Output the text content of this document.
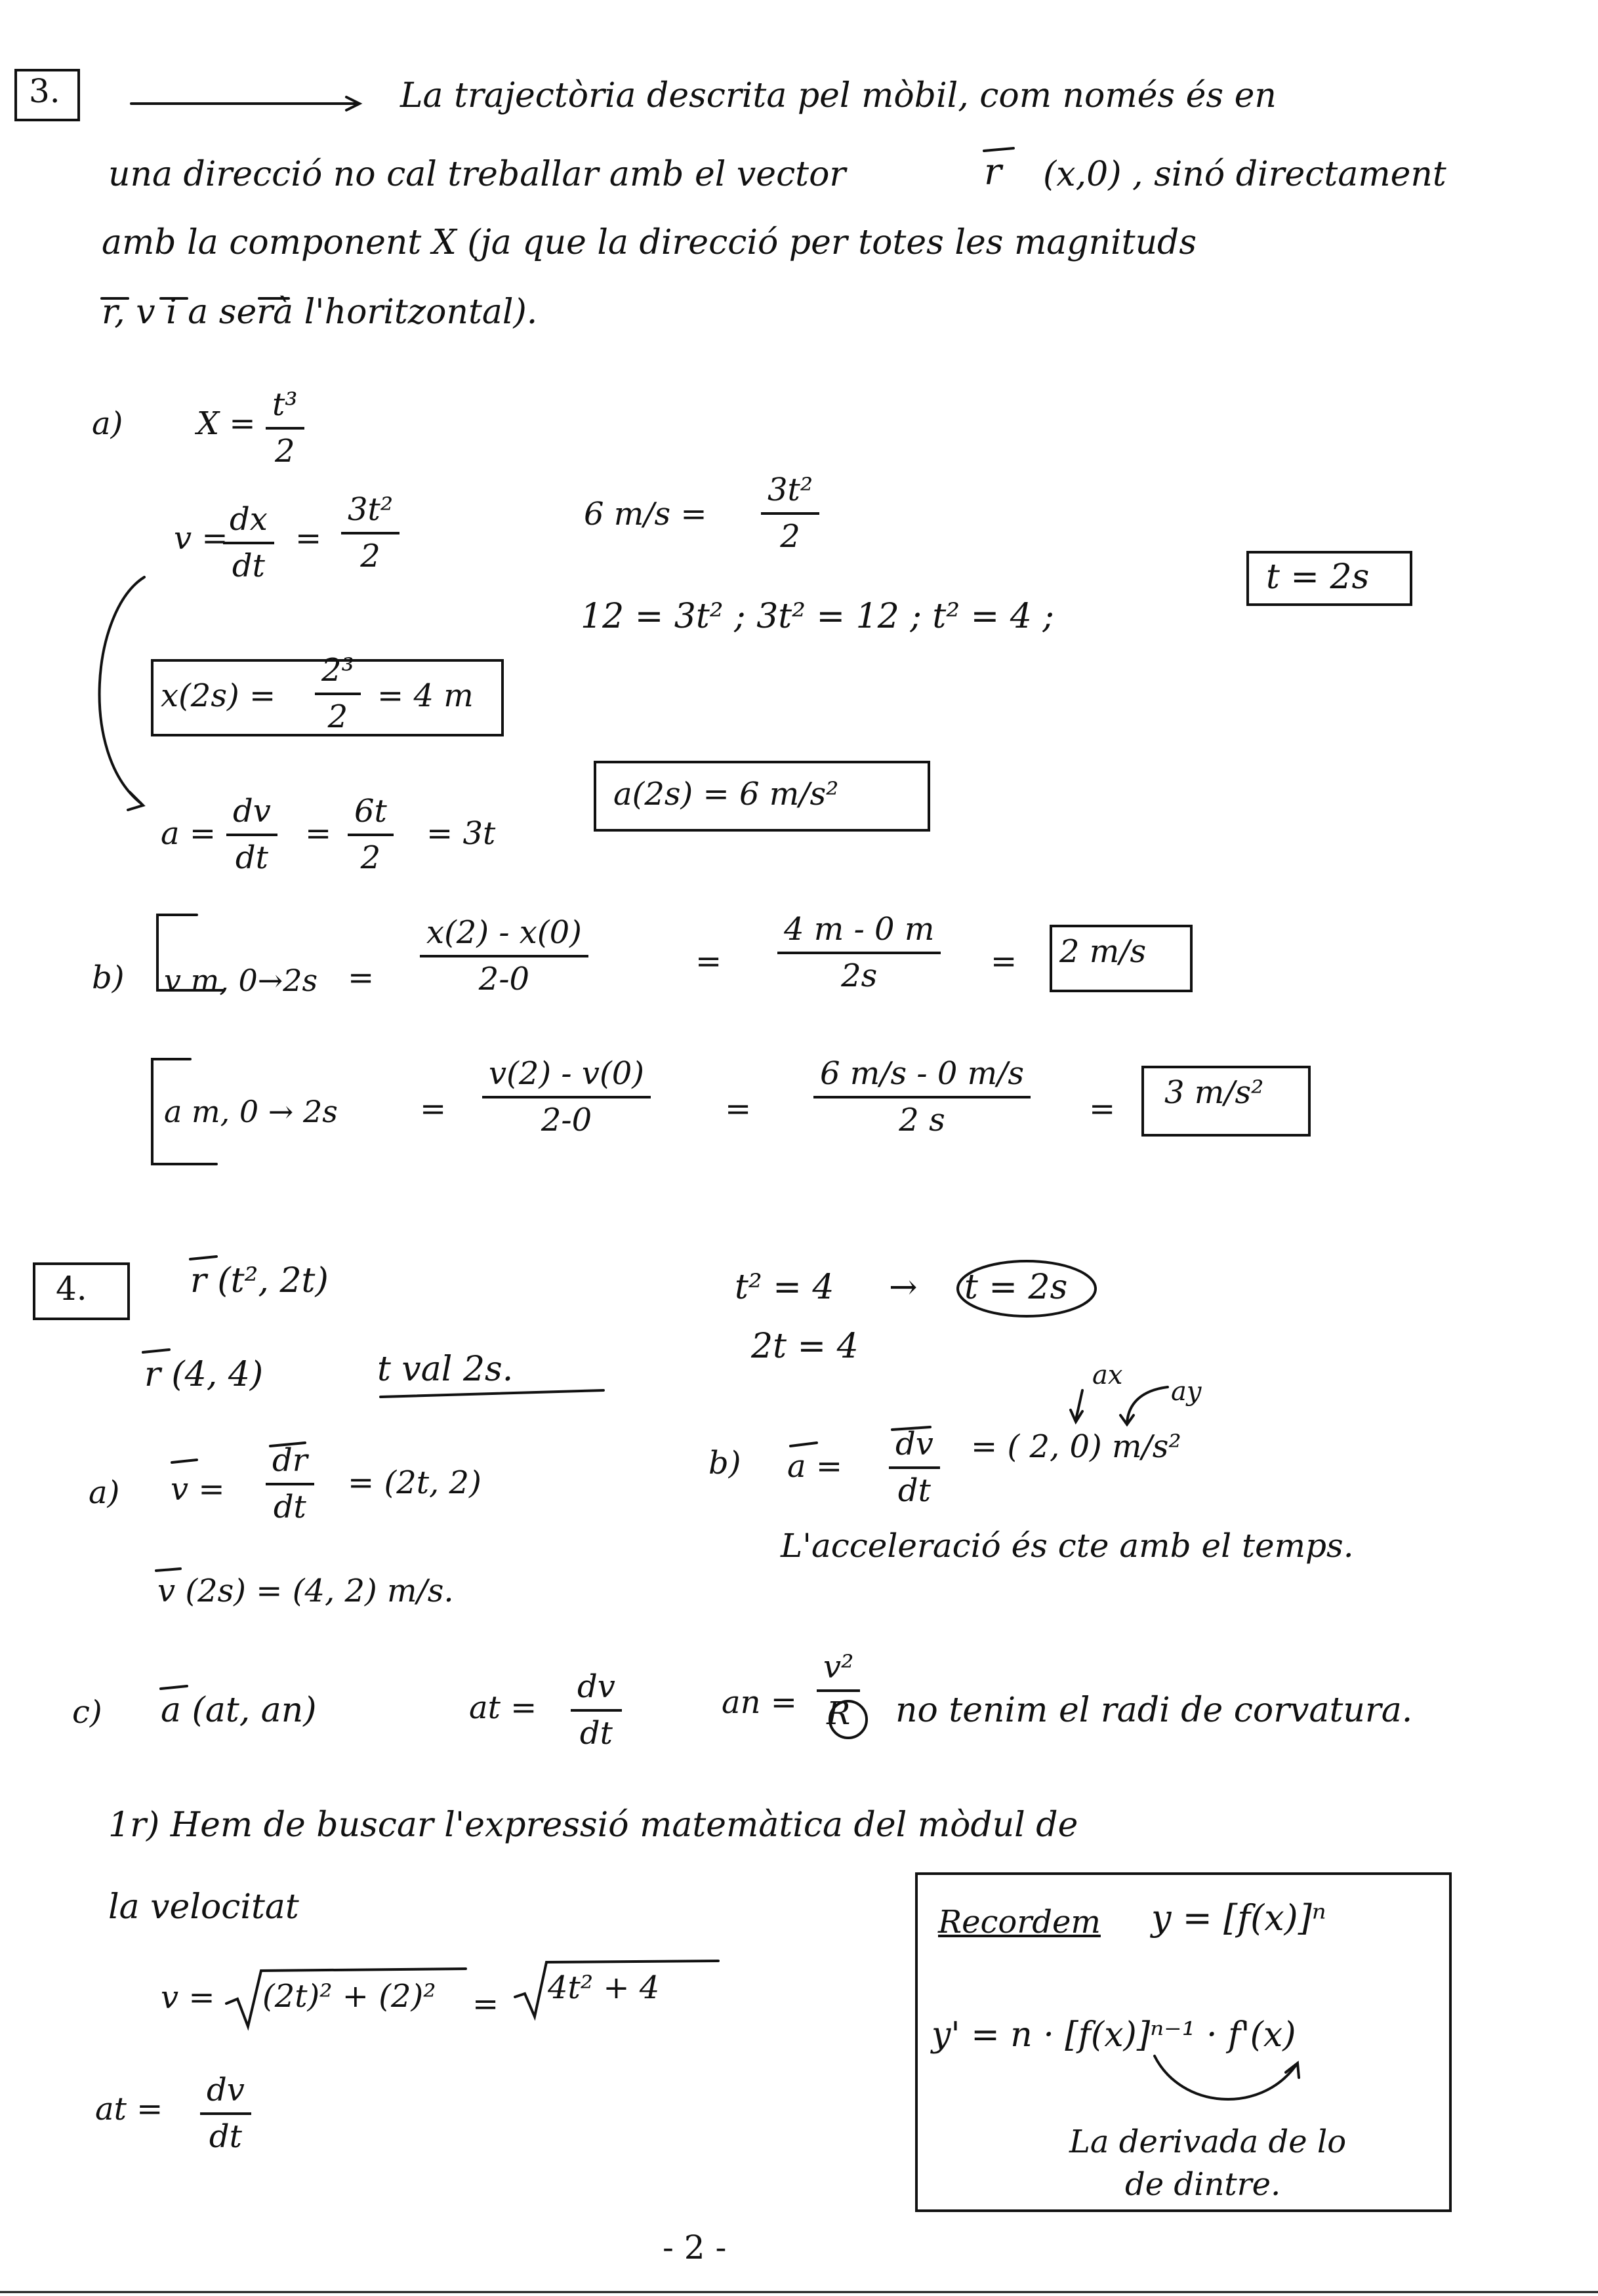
3.	La trajectòria descrita pel mòbil, com només és en
una direcció no cal treballar amb el vector	r (x,0) , sinó directament
amb la component X (ja que la direcció per totes les magnituds
r, v i a serà l'horitzontal).
a) $X = \frac{\text{t³}}{2}$
v =
$\frac{dx}{dt} = \frac{\text{3t²}}{2}$	6 $m/s = \frac{\text{3t²}}{2}$
12 = 3t² ; 3t² = 12 ; t² = 4 ;
t = 2s
$x(2s) = \frac{\text{2³}}{2} = 4$ m
$a = \frac{dv}{dt} = \frac{6t}{2} = 3t$
a(2s) = 6 m/s²
b) v m, $0\to 2s = \frac{x(2) - x(0)}{2-0}$	= $\frac{4 m - 0 m}{2s} = 2$ m/s
a m, 0 → 2s	= $\frac{v(2) - v(0)}{2-0} = \frac{6 m/s - 0 m/s}{2 s} = 3$ m/s²
4.	r (t², 2t)
r (4, 4)	t val 2s.
t² = 4 → t = 2s
2t = 4
a) $v = \frac{dr}{dt} = (2t$, 2)
v (2s) = (4, 2) m/s.
b) $a = \frac{dv}{dt}$ = ( 2, 0) m/s²
ax
ay
L'acceleració és cte amb el temps.
c) a (at, an)	at = $\frac{dv}{dt}$	an = $\frac{\text{v²}}{R}$ no tenim el radi de corvatura.
1r) Hem de buscar l'expressió matemàtica del mòdul de
la velocitat
v = (2t)² + (2)² = 4t² + 4
at = $\frac{dv}{dt}$
Recordem y = [f(x)]ⁿ
y' = n · [f(x)]ⁿ⁻¹ · f'(x)
La derivada de lo
de dintre.
- 2 -
